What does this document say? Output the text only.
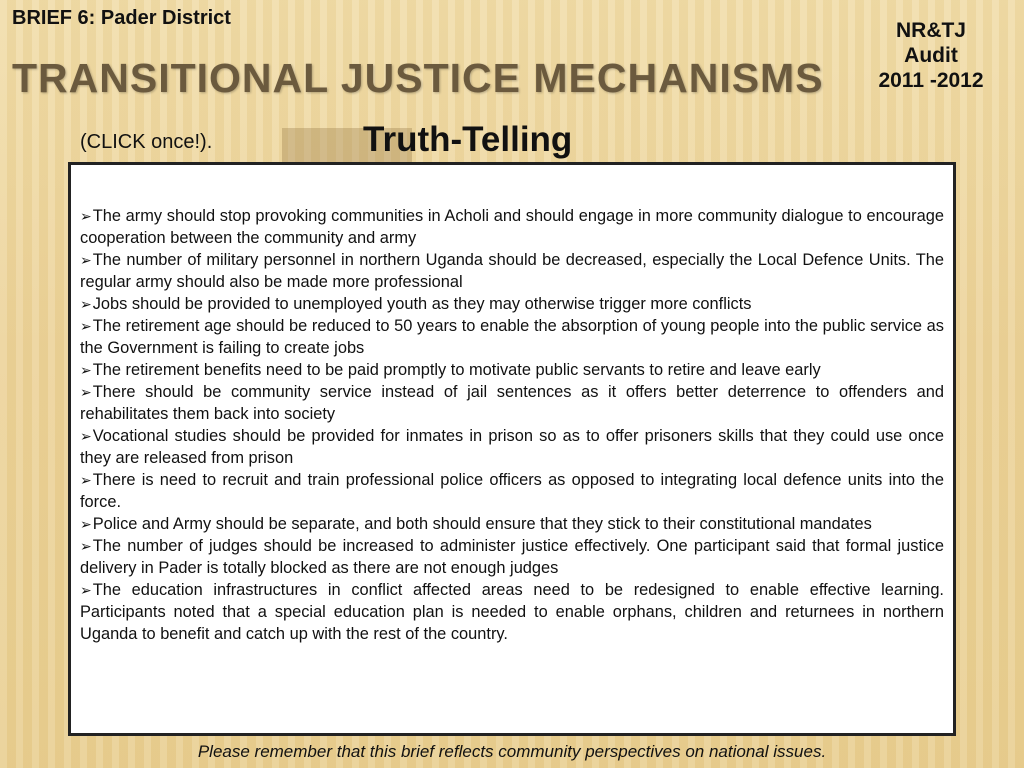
BRIEF 6: Pader District
TRANSITIONAL JUSTICE MECHANISMS
NR&TJ
Audit
2011 -2012
(CLICK once!).	Truth-Telling
➢The army should stop provoking communities in Acholi and should engage in more community dialogue to encourage cooperation between the community and army
➢The number of military personnel in northern Uganda should be decreased, especially the Local Defence Units. The regular army should also be made more professional
➢Jobs should be provided to unemployed youth as they may otherwise trigger more conflicts
➢The retirement age should be reduced to 50 years to enable the absorption of young people into the public service as the Government is failing to create jobs
➢The retirement benefits need to be paid promptly to motivate public servants to retire and leave early
➢There should be community service instead of jail sentences as it offers better deterrence to offenders and rehabilitates them back into society
➢Vocational studies should be provided for inmates in prison so as to offer prisoners skills that they could use once they are released from prison
➢There is need to recruit and train professional police officers as opposed to integrating local defence units into the force.
➢Police and Army should be separate, and both should ensure that they stick to their constitutional mandates
➢The number of judges should be increased to administer justice effectively. One participant said that formal justice delivery in Pader is totally blocked as there are not enough judges
➢The education infrastructures in conflict affected areas need to be redesigned to enable effective learning. Participants noted that a special education plan is needed to enable orphans, children and returnees in northern Uganda to benefit and catch up with the rest of the country.
Please remember that this brief reflects community perspectives on national issues.
